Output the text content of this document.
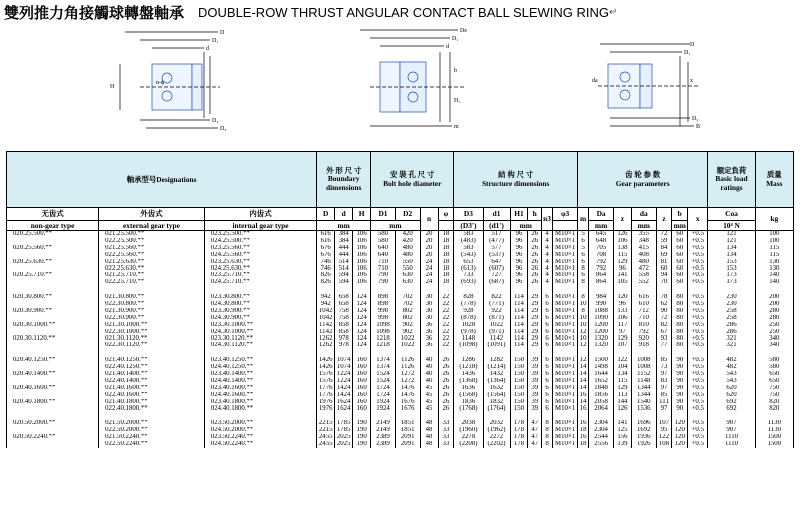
雙列推力角接觸球轉盤軸承 DOUBLE-ROW THRUST ANGULAR CONTACT BALL SLEWING RING↵
D
D₁
d
n-ϕ
D₂
D₃
H
De
D₁
d
b
H₁
m
D
D₁
da	x
D₂
B
軸承型号Designations			外 形 尺 寸
Boundary
dimensions			安 裝 孔 尺 寸
Bolt hole diameter				結 构 尺 寸
Structure dimensions						齿 轮 参 数
Gear parameters							額定負荷
Basic load
ratings	质量
Mass
无齿式	外齿式	内齿式	D	d	H	D1	D2	n	φ	D3	d1	H1	h	n3	φ3	m	Da	z	da	z	b	x	Coa	kg
non-gear type	external gear type	internal gear type	mm			mm				(D3')	(d1')	mm					mm		mm		mm		10⁴ N	
020.25.500.**	021.25.500.**	023.25.500.**	616	384	106	580	420	20	18	583	517	96	26	4	M10×1	5	645	126	355	72	60	+0.5	121	100
	022.25.500.**	024.25.500.**	616	384	106	580	420	20	18	(483)	(477)	96	26	4	M10×1	6	648	106	348	59	60	+0.5	121	100
020.25.560.**	021.25.560.**	023.25.560.**	676	444	106	640	480	20	18	583	577	96	26	4	M10×1	5	705	138	415	84	60	+0.5	134	115
	022.25.560.**	024.25.560.**	676	444	106	640	480	20	18	(543)	(537)	96	26	4	M10×1	6	708	115	408	69	60	+0.5	134	115
020.25.630.**	021.25.630.**	023.25.630.**	746	514	106	710	550	24	18	653	647	96	26	4	M10×1	6	792	129	480	81	60	+0.5	153	130
	022.25.630.**	024.25.630.**	746	514	106	710	550	24	18	(613)	(607)	96	26	4	M10×1	8	792	96	472	60	60	+0.5	153	130
020.25.710.**	021.25.710.**	023.25.710.**	826	594	106	790	630	24	18	733	727	96	26	4	M10×1	6	864	141	558	94	60	+0.5	173	140
	022.25.710.**	024.25.710.**	826	594	106	790	630	24	18	(693)	(687)	96	26	4	M10×1	8	864	105	552	70	60	+0.5	173	140

020.30.800.**	021.30.800.**	023.30.800.**	942	658	124	898	702	30	22	828	822	114	29	6	M10×1	8	984	120	616	78	80	+0.5	230	200
	022.30.800.**	024.30.800.**	942	658	124	898	702	30	22	(778)	(771)	114	29	6	M10×1	10	990	96	610	62	80	+0.5	230	200
020.30.900.**	021.30.900.**	023.30.900.**	1042	758	124	998	802	30	22	928	922	114	29	6	M10×1	8	1088	133	712	90	80	+0.5	258	280
	022.30.900.**	024.30.900.**	1042	758	124	998	802	30	22	(878)	(871)	114	29	6	M10×1	10	1090	106	710	72	80	+0.5	258	280
020.30.1000.**	021.30.1000.**	023.30.1000.**	1142	858	124	1098	902	36	22	1028	1022	114	29	6	M10×1	10	1200	117	810	82	80	+0.5	286	250
	022.30.1000.**	024.30.1000.**	1142	858	124	1098	902	36	22	(978)	(971)	114	29	6	M10×1	12	1200	97	792	67	80	+0.5	286	250
020.30.1120.**	021.30.1120.**	023.30.1120.**	1262	978	124	1218	1022	36	22	1148	1142	114	29	6	M10×1	10	1320	129	920	93	80	+0.5	321	340
	022.30.1120.**	024.30.1120.**	1262	978	124	1218	1022	36	22	(1098)	(1091)	114	29	6	M10×1	12	1320	107	918	77	80	+0.5	321	340

020.40.1250.**	021.40.1250.**	023.40.1250.**	1426	1074	160	1374	1126	40	26	1286	1282	150	39	6	M10×1	12	1500	122	1008	85	90	+0.5	482	580
	022.40.1250.**	024.40.1250.**	1426	1074	160	1374	1126	40	26	(1218)	(1214)	150	39	6	M10×1	14	1498	104	1008	73	90	+0.5	482	580
020.40.1400.**	021.40.1400.**	023.40.1400.**	1576	1224	160	1524	1272	40	26	1436	1432	150	39	6	M10×1	14	1644	134	1152	97	90	+0.5	543	650
	022.40.1400.**	024.40.1400.**	1576	1224	160	1524	1272	40	26	(1368)	(1364)	150	39	6	M10×1	14	1652	115	1148	83	90	+0.5	543	650
020.40.1600.**	021.40.1600.**	023.40.1600.**	1776	1424	160	1724	1476	45	26	1636	1632	150	39	6	M10×1	14	1848	129	1344	97	90	+0.5	620	750
	022.40.1600.**	024.40.1600.**	1776	1424	160	1724	1476	45	26	(1568)	(1564)	150	39	6	M10×1	16	1856	113	1344	85	90	+0.5	620	750
020.40.1800.**	021.40.1800.**	023.40.1800.**	1976	1624	160	1924	1676	45	26	1836	1832	150	39	6	M10×1	14	2058	144	1540	111	90	+0.5	692	820
	022.40.1800.**	024.40.1800.**	1976	1624	160	1924	1676	45	26	(1768)	(1764)	150	39	6	M10×1	16	2064	126	1536	97	90	+0.5	692	820

020.50.2000.**	021.50.2000.**	023.50.2000.**	2215	1785	190	2149	1851	48	33	2038	2032	178	47	8	M10×1	16	2304	141	1696	107	120	+0.5	907	1130
	022.50.2000.**	024.50.2000.**	2215	1785	190	2149	1851	48	33	(1960)	(1962)	178	47	8	M10×1	18	2304	125	1692	95	120	+0.5	907	1130
020.50.2240.**	021.50.2240.**	023.50.2240.**	2455	2025	190	2389	2091	48	33	2278	2272	178	47	8	M10×1	16	2544	156	1936	122	120	+0.5	1110	1500
	022.50.2240.**	024.50.2240.**	2455	2025	190	2389	2091	48	33	(2208)	(2202)	178	47	8	M10×1	18	2556	139	1926	108	120	+0.5	1110	1500
